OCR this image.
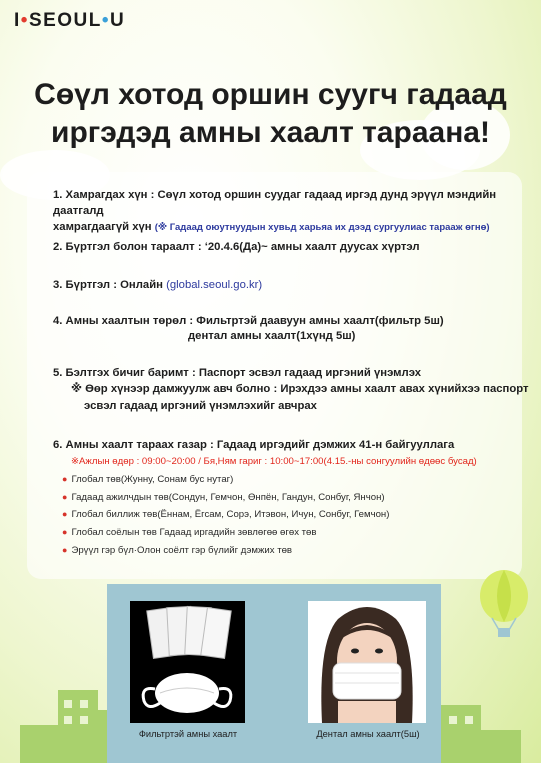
I•SEOUL•U
Сөүл хотод оршин суугч гадаад
иргэдэд амны хаалт тараана!
1. Хамрагдах хүн : Сөүл хотод оршин суудаг гадаад иргэд дунд эрүүл мэндийн даатгалд
хамрагдаагүй хүн (※ Гадаад оюутнуудын хувьд харьяа их дээд сургуулиас тарааж өгнө)
2. Бүртгэл болон тараалт : ‘20.4.6(Да)~ амны хаалт дуусах хүртэл
3. Бүртгэл : Онлайн (global.seoul.go.kr)
4. Амны хаалтын төрөл : Фильтртэй даавуун амны хаалт(фильтр 5ш)
дентал амны хаалт(1хүнд 5ш)
5. Бэлтгэх бичиг баримт : Паспорт эсвэл гадаад иргэний үнэмлэх
※ Өөр хүнээр дамжуулж авч болно : Ирэхдээ амны хаалт авах хүнийхээ паспорт
эсвэл гадаад иргэний үнэмлэхийг авчрах
6. Амны хаалт тараах газар : Гадаад иргэдийг дэмжих 41-н байгууллага
※Ажлын өдөр : 09:00~20:00 / Бя,Ням гариг : 10:00~17:00(4.15.-ны сонгуулийн өдөөс бусад)
● Глобал төв(Жунну, Сонам бус нутаг)
● Гадаад ажилчдын төв(Сондун, Гемчон, Өнпён, Гандун, Сонбуг, Янчон)
● Глобал биллиж төв(Ённам, Ёгсам, Сорэ, Итэвон, Ичун, Сонбуг, Гемчон)
● Глобал соёлын төв Гадаад иргадийн зөвлөгөө өгөх төв
● Эрүүл гэр бүл·Олон соёлт гэр бүлийг дэмжих төв
Фильтртэй амны хаалт	Дентал амны хаалт(5ш)
